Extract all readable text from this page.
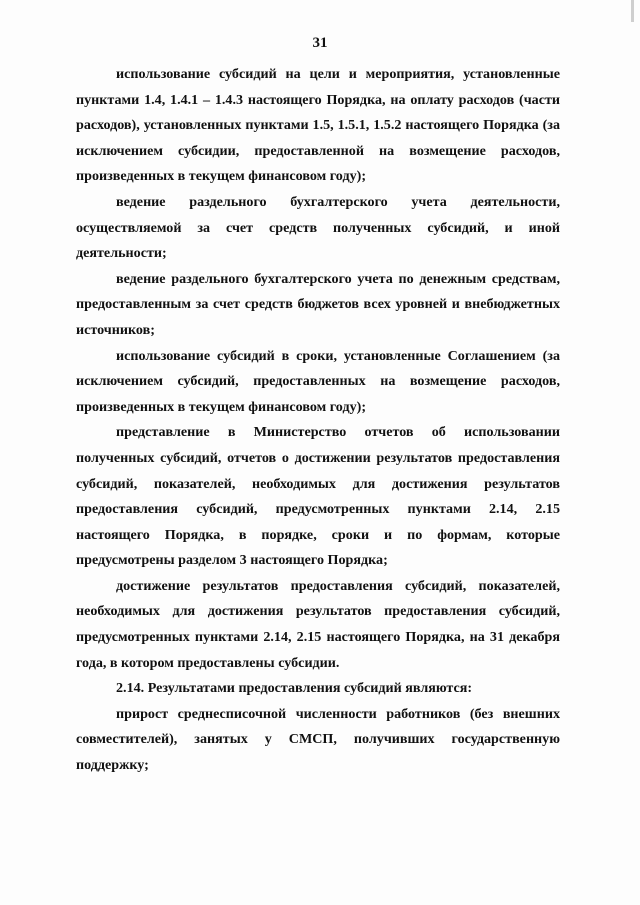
31

использование субсидий на цели и мероприятия, установленные пунктами 1.4, 1.4.1 – 1.4.3 настоящего Порядка, на оплату расходов (части расходов), установленных пунктами 1.5, 1.5.1, 1.5.2 настоящего Порядка (за исключением субсидии, предоставленной на возмещение расходов, произведенных в текущем финансовом году);

ведение раздельного бухгалтерского учета деятельности, осуществляемой за счет средств полученных субсидий, и иной деятельности;

ведение раздельного бухгалтерского учета по денежным средствам, предоставленным за счет средств бюджетов всех уровней и внебюджетных источников;

использование субсидий в сроки, установленные Соглашением (за исключением субсидий, предоставленных на возмещение расходов, произведенных в текущем финансовом году);

представление в Министерство отчетов об использовании полученных субсидий, отчетов о достижении результатов предоставления субсидий, показателей, необходимых для достижения результатов предоставления субсидий, предусмотренных пунктами 2.14, 2.15 настоящего Порядка, в порядке, сроки и по формам, которые предусмотрены разделом 3 настоящего Порядка;

достижение результатов предоставления субсидий, показателей, необходимых для достижения результатов предоставления субсидий, предусмотренных пунктами 2.14, 2.15 настоящего Порядка, на 31 декабря года, в котором предоставлены субсидии.

2.14. Результатами предоставления субсидий являются:

прирост среднесписочной численности работников (без внешних совместителей), занятых у СМСП, получивших государственную поддержку;
